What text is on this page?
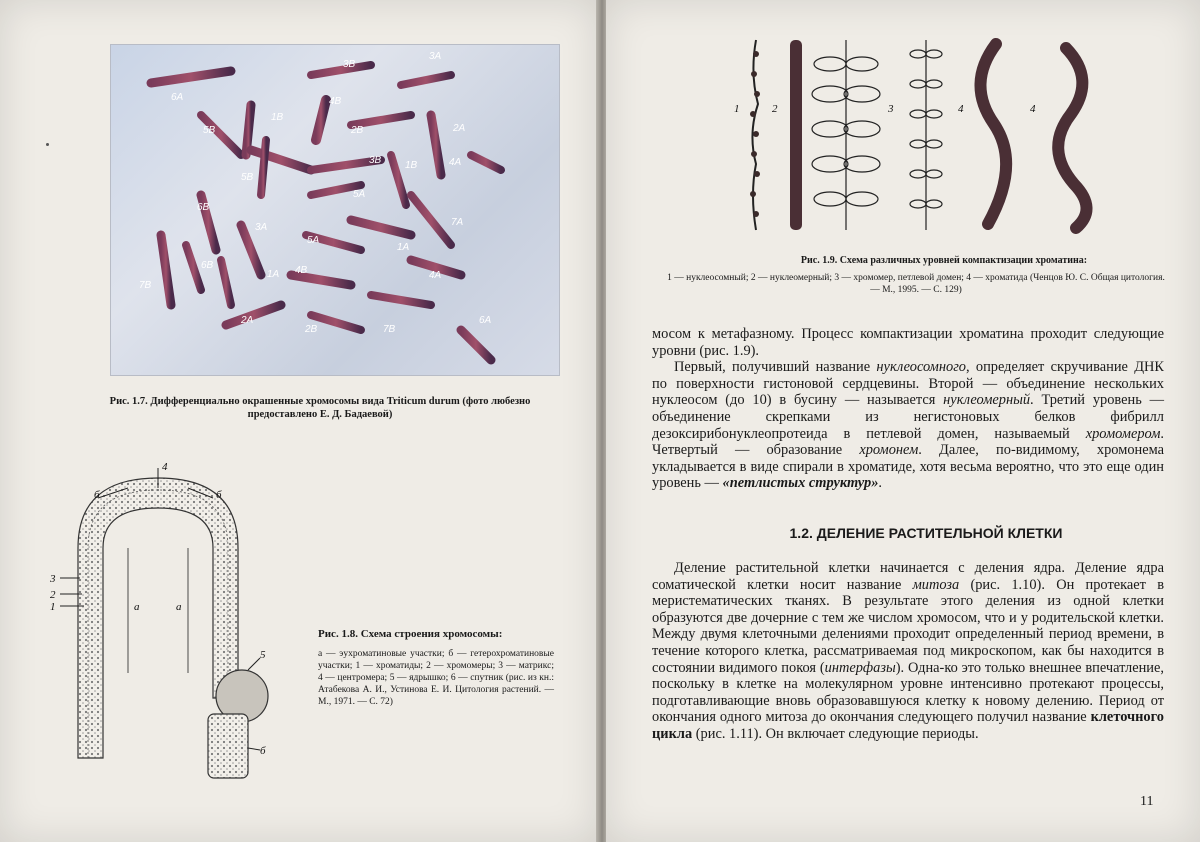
3А
3В
6А	4В
5В
1В
2В	2А
3В 1В	4А
5В
5А
6В
7А
3А
5А
1А
7В
6В
1А 4В	4А
2А
2В	7В
6А
Рис. 1.7. Дифференциально окрашенные хромосомы вида Triticum durum (фото любезно предоставлено Е. Д. Бадаевой)
4
б	б
3
2
1	а	а
5
б
Рис. 1.8. Схема строения хромосомы:
а — эухроматиновые участки; б — гетерохроматиновые участки; 1 — хроматиды; 2 — хромомеры; 3 — матрикс; 4 — центромера; 5 — ядрышко; 6 — спутник (рис. из кн.: Атабекова А. И., Устинова Е. И. Цитология растений. — М., 1971. — С. 72)
1	2	3	4	4
Рис. 1.9. Схема различных уровней компактизации хроматина:
1 — нуклеосомный; 2 — нуклеомерный; 3 — хромомер, петлевой домен; 4 — хроматида (Ченцов Ю. С. Общая цитология. — М., 1995. — С. 129)

мосом к метафазному. Процесс компактизации хроматина проходит следующие уровни (рис. 1.9).

Первый, получивший название нуклеосомного, определяет скручивание ДНК по поверхности гистоновой сердцевины. Второй — объединение нескольких нуклеосом (до 10) в бусину — называется нуклеомерный. Третий уровень — объединение скрепками из негистоновых белков фибрилл дезоксирибонуклеопротеида в петлевой домен, называемый хромомером. Четвертый — образование хромонем. Далее, по-видимому, хромонема укладывается в виде спирали в хроматиде, хотя весьма вероятно, что это еще один уровень — «петлистых структур».

1.2. ДЕЛЕНИЕ РАСТИТЕЛЬНОЙ КЛЕТКИ

Деление растительной клетки начинается с деления ядра. Деление ядра соматической клетки носит название митоза (рис. 1.10). Он протекает в меристематических тканях. В результате этого деления из одной клетки образуются две дочерние с тем же числом хромосом, что и у родительской клетки. Между двумя клеточными делениями проходит определенный период времени, в течение которого клетка, рассматриваемая под микроскопом, как бы находится в состоянии видимого покоя (интерфазы). Одна-ко это только внешнее впечатление, поскольку в клетке на молекулярном уровне интенсивно протекают процессы, подготавливающие вновь образовавшуюся клетку к новому делению. Период от окончания одного митоза до окончания следующего получил название клеточного цикла (рис. 1.11). Он включает следующие периоды.

11
